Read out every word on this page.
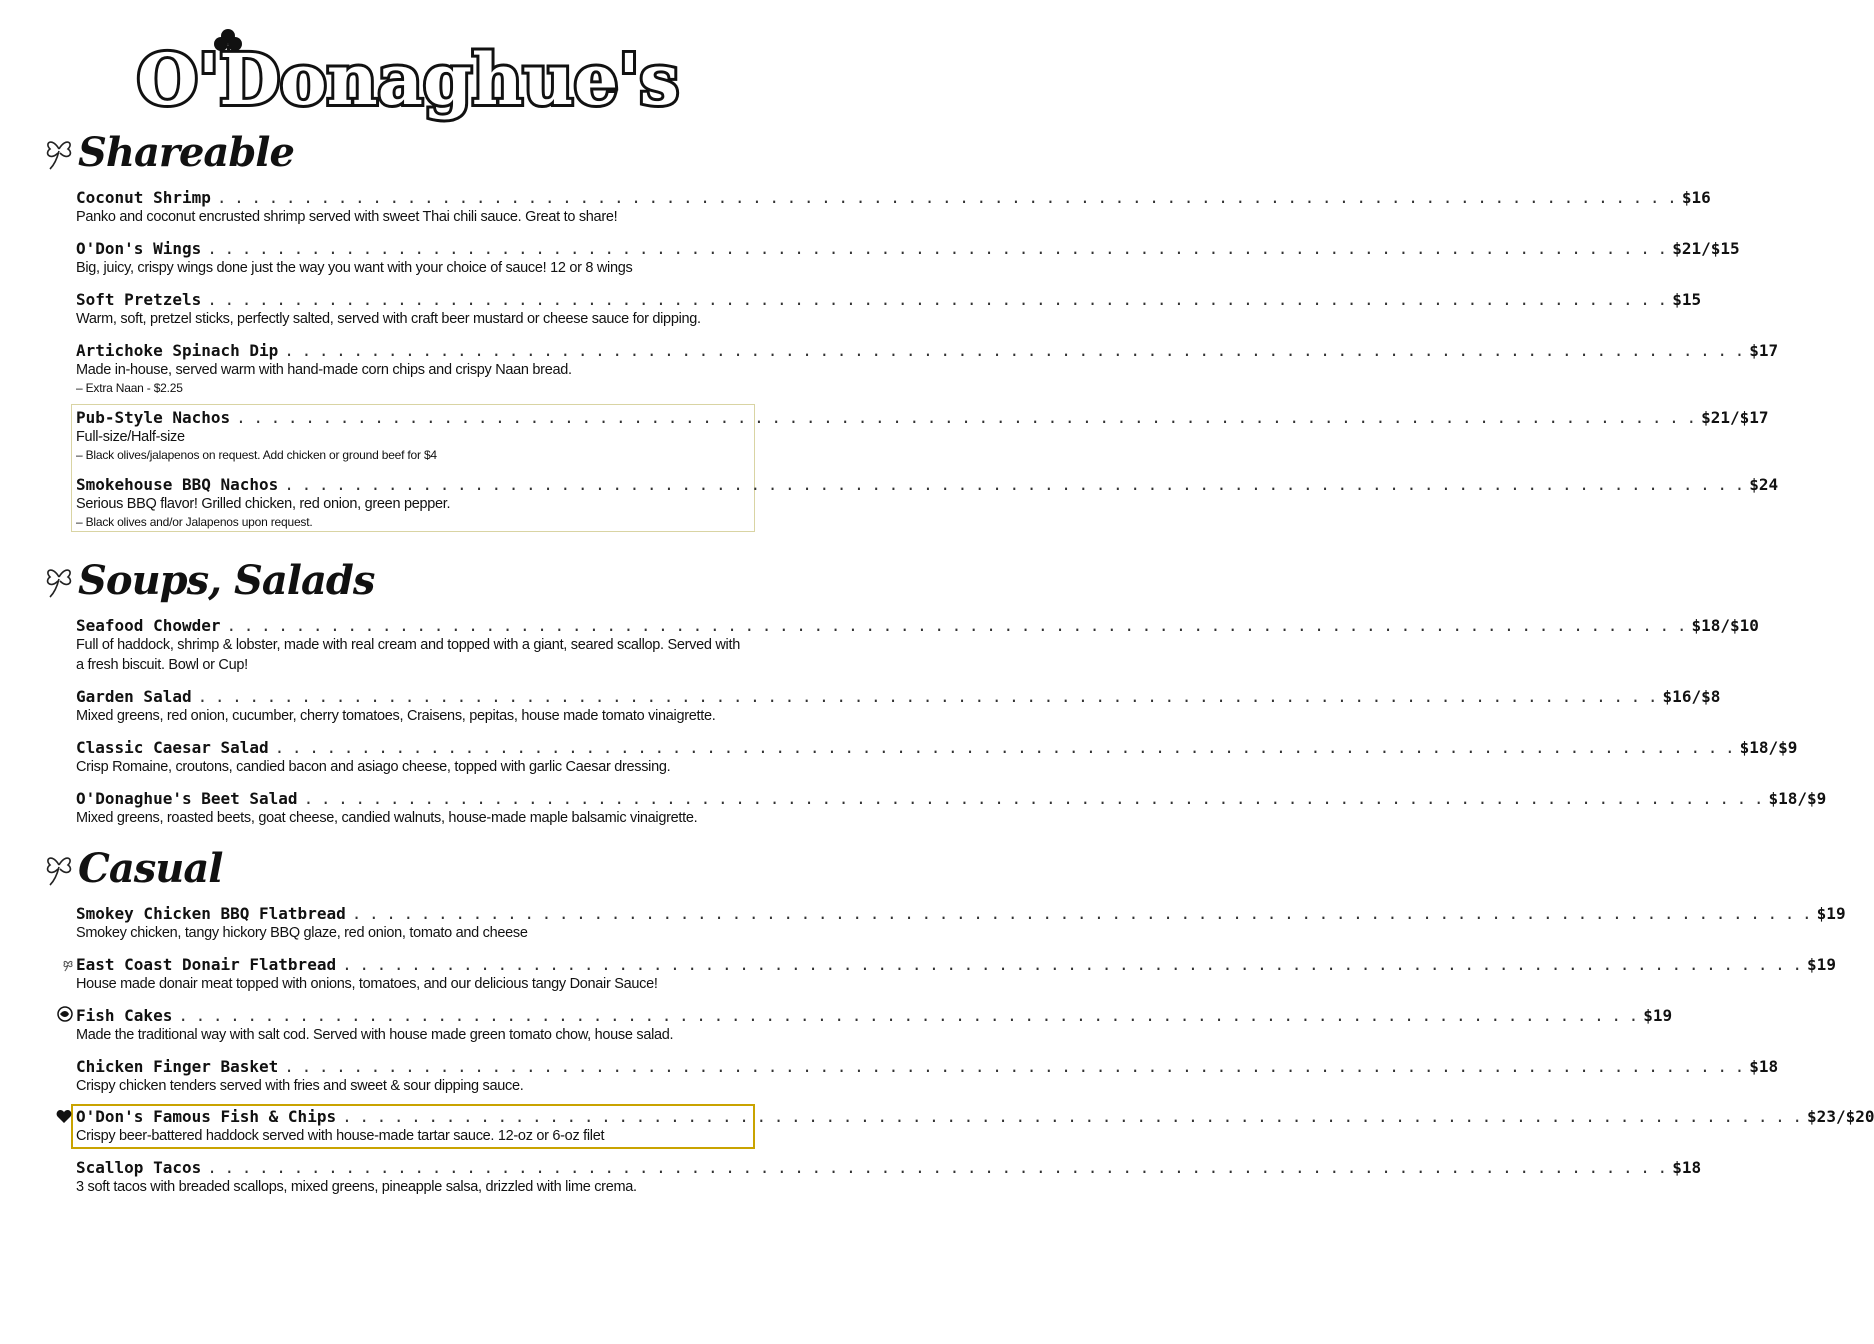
O'Donaghue's
Shareable
Coconut Shrimp . . .	$16
Panko and coconut encrusted shrimp served with sweet Thai chili sauce. Great to share!
O'Don's Wings . . .	$21/$15
Big, juicy, crispy wings done just the way you want with your choice of sauce! 12 or 8 wings
Soft Pretzels . . .	$15
Warm, soft, pretzel sticks, perfectly salted, served with craft beer mustard or cheese sauce for dipping.
Artichoke Spinach Dip . . .	$17
Made in-house, served warm with hand-made corn chips and crispy Naan bread.
– Extra Naan - $2.25
Pub-Style Nachos . . .	$21/$17
Full-size/Half-size
– Black olives/jalapenos on request. Add chicken or ground beef for $4
Smokehouse BBQ Nachos . . .	$24
Serious BBQ flavor! Grilled chicken, red onion, green pepper.
– Black olives and/or Jalapenos upon request.
Soups, Salads
Seafood Chowder . . .	$18/$10
Full of haddock, shrimp & lobster, made with real cream and topped with a giant, seared scallop. Served with a fresh biscuit. Bowl or Cup!
Garden Salad . . .	$16/$8
Mixed greens, red onion, cucumber, cherry tomatoes, Craisens, pepitas, house made tomato vinaigrette.
Classic Caesar Salad . . .	$18/$9
Crisp Romaine, croutons, candied bacon and asiago cheese, topped with garlic Caesar dressing.
O'Donaghue's Beet Salad . . .	$18/$9
Mixed greens, roasted beets, goat cheese, candied walnuts, house-made maple balsamic vinaigrette.
Casual
Smokey Chicken BBQ Flatbread . . .	$19
Smokey chicken, tangy hickory BBQ glaze, red onion, tomato and cheese
East Coast Donair Flatbread . . .	$19
House made donair meat topped with onions, tomatoes, and our delicious tangy Donair Sauce!
Fish Cakes . . .	$19
Made the traditional way with salt cod. Served with house made green tomato chow, house salad.
Chicken Finger Basket . . .	$18
Crispy chicken tenders served with fries and sweet & sour dipping sauce.
O'Don's Famous Fish & Chips . . .	$23/$20
Crispy beer-battered haddock served with house-made tartar sauce. 12-oz or 6-oz filet
Scallop Tacos . . .	$18
3 soft tacos with breaded scallops, mixed greens, pineapple salsa, drizzled with lime crema.
